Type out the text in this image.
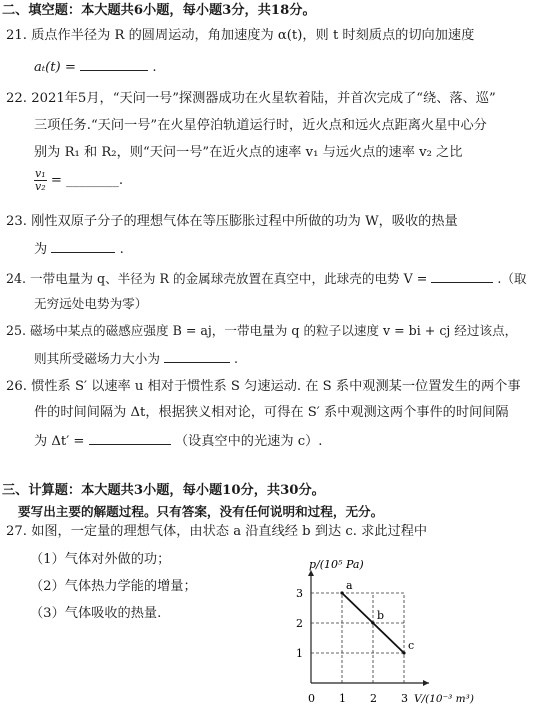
二、填空题：本大题共6小题，每小题3分，共18分。
21. 质点作半径为 R 的圆周运动，角加速度为 α(t)，则 t 时刻质点的切向加速度
aₜ(t) =	.
22. 2021年5月，“天问一号”探测器成功在火星软着陆，并首次完成了“绕、落、巡”
三项任务.“天问一号”在火星停泊轨道运行时，近火点和远火点距离火星中心分
别为 R₁ 和 R₂，则“天问一号”在近火点的速率 v₁ 与远火点的速率 v₂ 之比
$\frac{\text{v₁}}{\text{v₂}}$ = ________.
23. 刚性双原子分子的理想气体在等压膨胀过程中所做的功为 W，吸收的热量
为	.
24. 一带电量为 q、半径为 R 的金属球壳放置在真空中，此球壳的电势 V =	.（取
无穷远处电势为零）
25. 磁场中某点的磁感应强度 B = aj，一带电量为 q 的粒子以速度 v = bi + cj 经过该点，
则其所受磁场力大小为	.
26. 惯性系 S′ 以速率 u 相对于惯性系 S 匀速运动. 在 S 系中观测某一位置发生的两个事
件的时间间隔为 Δt，根据狭义相对论，可得在 S′ 系中观测这两个事件的时间间隔
为 Δt′ =	（设真空中的光速为 c）.
三、计算题：本大题共3小题，每小题10分，共30分。
要写出主要的解题过程。只有答案，没有任何说明和过程，无分。
27. 如图，一定量的理想气体，由状态 a 沿直线经 b 到达 c. 求此过程中
（1）气体对外做的功；
（2）气体热力学能的增量；
（3）气体吸收的热量.
p/(10⁵ Pa)
V/(10⁻³ m³)
0 1 2 3
1
2
3
a
b
c
